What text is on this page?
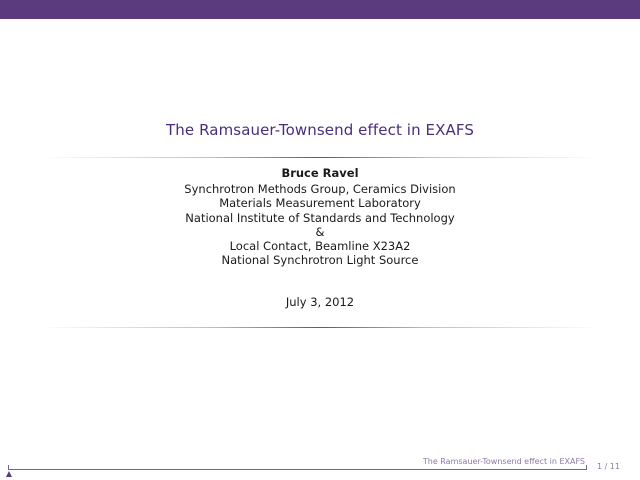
The Ramsauer-Townsend effect in EXAFS
Bruce Ravel
Synchrotron Methods Group, Ceramics Division
Materials Measurement Laboratory
National Institute of Standards and Technology
&
Local Contact, Beamline X23A2
National Synchrotron Light Source
July 3, 2012
The Ramsauer-Townsend effect in EXAFS
1 / 11
